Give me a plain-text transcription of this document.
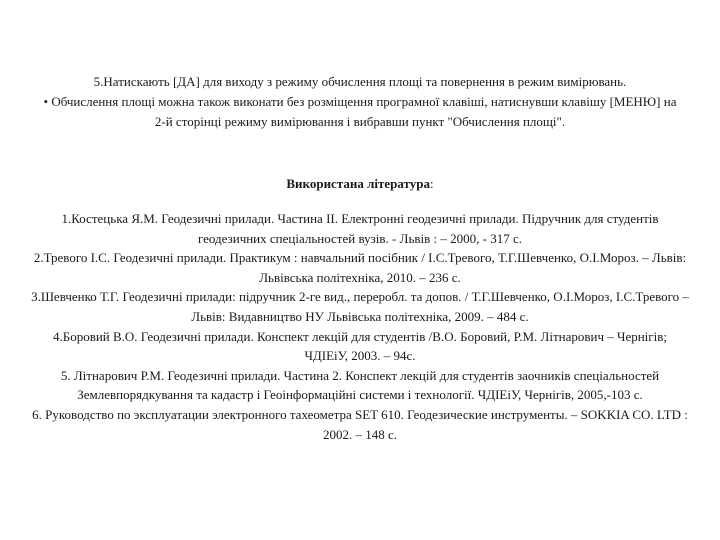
5.Натискають [ДА] для виходу з режиму обчислення площі та повернення в режим вимірювань.

• Обчислення площі можна також виконати без розміщення програмної клавіші, натиснувши клавішу [МЕНЮ] на 2-й сторінці режиму вимірювання і вибравши пункт "Обчислення площі".

Використана література:

1.Костецька Я.М. Геодезичні прилади. Частина ІІ. Електронні геодезичні прилади. Підручник для студентів геодезичних спеціальностей вузів. - Львів : – 2000, - 317 с.

2.Тревого І.С. Геодезичні прилади. Практикум : навчальний посібник / І.С.Тревого, Т.Г.Шевченко, О.І.Мороз. – Львів: Львівська політехніка, 2010. – 236 с.

3.Шевченко Т.Г. Геодезичні прилади: підручник 2-ге вид., переробл. та допов. / Т.Г.Шевченко, О.І.Мороз, І.С.Тревого – Львів: Видавництво НУ Львівська політехніка, 2009. – 484 с.

4.Боровий В.О. Геодезичні прилади. Конспект лекцій для студентів /В.О. Боровий, Р.М. Літнарович – Чернігів; ЧДІЕіУ, 2003. – 94с.

5. Літнарович Р.М. Геодезичні прилади. Частина 2. Конспект лекцій для студентів заочників спеціальностей Землевпорядкування та кадастр і Геоінформаційні системи і технології. ЧДІЕіУ, Чернігів, 2005,-103 с.

6. Руководство по эксплуатации электронного тахеометра SET 610. Геодезические инструменты. – SOKKIA CO. LTD : 2002. – 148 с.
